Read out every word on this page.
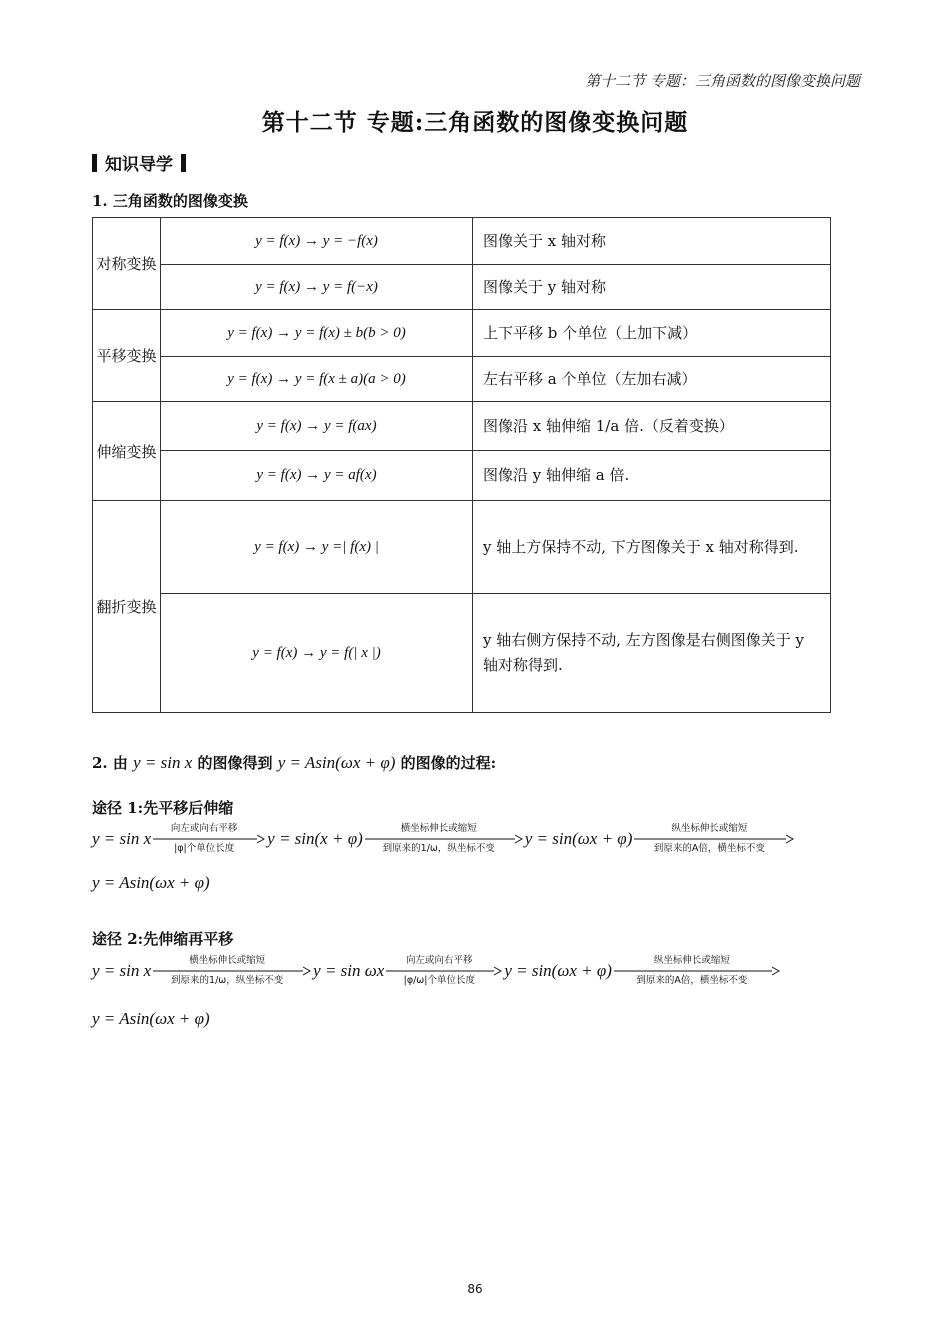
第十二节 专题：三角函数的图像变换问题
第十二节 专题:三角函数的图像变换问题
知识导学
1. 三角函数的图像变换
对称变换	y = f(x) → y = −f(x)	图像关于 x 轴对称
	y = f(x) → y = f(−x)	图像关于 y 轴对称
平移变换	y = f(x) → y = f(x) ± b(b > 0)	上下平移 b 个单位（上加下减）
	y = f(x) → y = f(x ± a)(a > 0)	左右平移 a 个单位（左加右减）
伸缩变换	y = f(x) → y = f(ax)	图像沿 x 轴伸缩 1/a 倍.（反着变换）
	y = f(x) → y = af(x)	图像沿 y 轴伸缩 a 倍.
翻折变换	y = f(x) → y =| f(x) |	y 轴上方保持不动, 下方图像关于 x 轴对称得到.
	y = f(x) → y = f(| x |)	y 轴右侧方保持不动, 左方图像是右侧图像关于 y 轴对称得到.
2. 由 y = sin x 的图像得到 y = Asin(ωx + φ) 的图像的过程:
途径 1:先平移后伸缩
y = sin x
向左或向右平移
|φ|个单位长度
y = sin(x + φ)
横坐标伸长或缩短
到原来的1/ω，纵坐标不变
y = sin(ωx + φ)
纵坐标伸长或缩短
到原来的A倍，横坐标不变
y = Asin(ωx + φ)
途径 2:先伸缩再平移
y = sin x
横坐标伸长或缩短
到原来的1/ω，纵坐标不变
y = sin ωx
向左或向右平移
|φ/ω|个单位长度
y = sin(ωx + φ)
纵坐标伸长或缩短
到原来的A倍，横坐标不变
y = Asin(ωx + φ)
86
